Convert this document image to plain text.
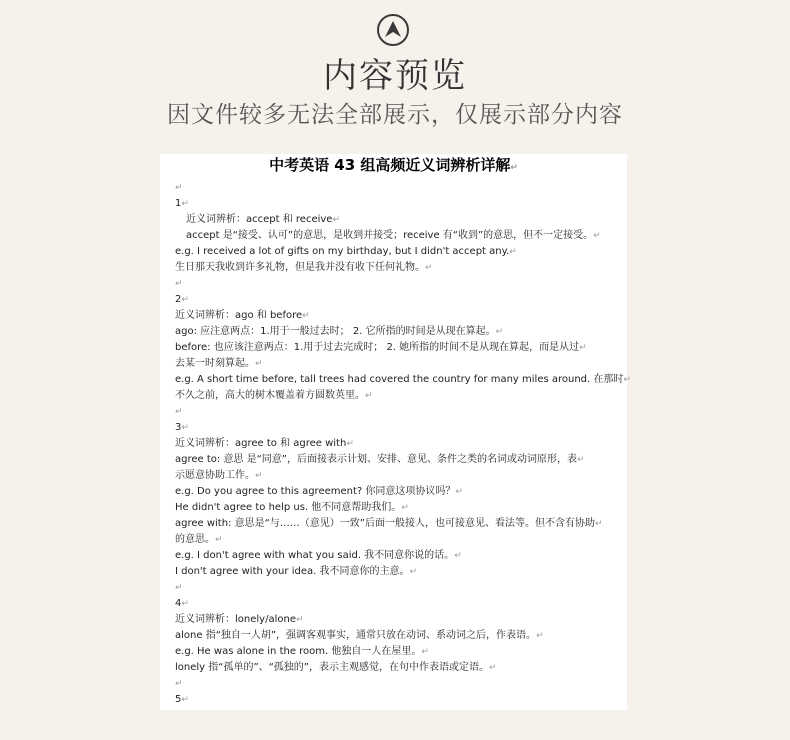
内容预览
因文件较多无法全部展示，仅展示部分内容
中考英语 43 组高频近义词辨析详解↵
↵
1↵
近义词辨析：accept 和 receive↵
accept 是“接受、认可”的意思，是收到并接受；receive 有“收到”的意思，但不一定接受。↵
e.g. I received a lot of gifts on my birthday, but I didn't accept any.↵
生日那天我收到许多礼物，但是我并没有收下任何礼物。↵
↵
2↵
近义词辨析：ago 和 before↵
ago: 应注意两点：1.用于一般过去时； 2. 它所指的时间是从现在算起。↵
before: 也应该注意两点：1.用于过去完成时； 2. 她所指的时间不是从现在算起，而是从过↵
去某一时刻算起。↵
e.g. A short time before, tall trees had covered the country for many miles around. 在那时↵
不久之前，高大的树木覆盖着方圆数英里。↵
↵
3↵
近义词辨析：agree to 和 agree with↵
agree to: 意思 是“同意”，后面接表示计划、安排、意见、条件之类的名词或动词原形，表↵
示愿意协助工作。↵
e.g. Do you agree to this agreement? 你同意这项协议吗？↵
He didn't agree to help us. 他不同意帮助我们。↵
agree with: 意思是“与……（意见）一致”后面一般接人，也可接意见、看法等。但不含有协助↵
的意思。↵
e.g. I don't agree with what you said. 我不同意你说的话。↵
I don't agree with your idea. 我不同意你的主意。↵
↵
4↵
近义词辨析：lonely/alone↵
alone 指“独自一人胡”，强调客观事实，通常只放在动词、系动词之后，作表语。↵
e.g. He was alone in the room. 他独自一人在屋里。↵
lonely 指“孤单的”、“孤独的”，表示主观感觉，在句中作表语或定语。↵
↵
5↵
